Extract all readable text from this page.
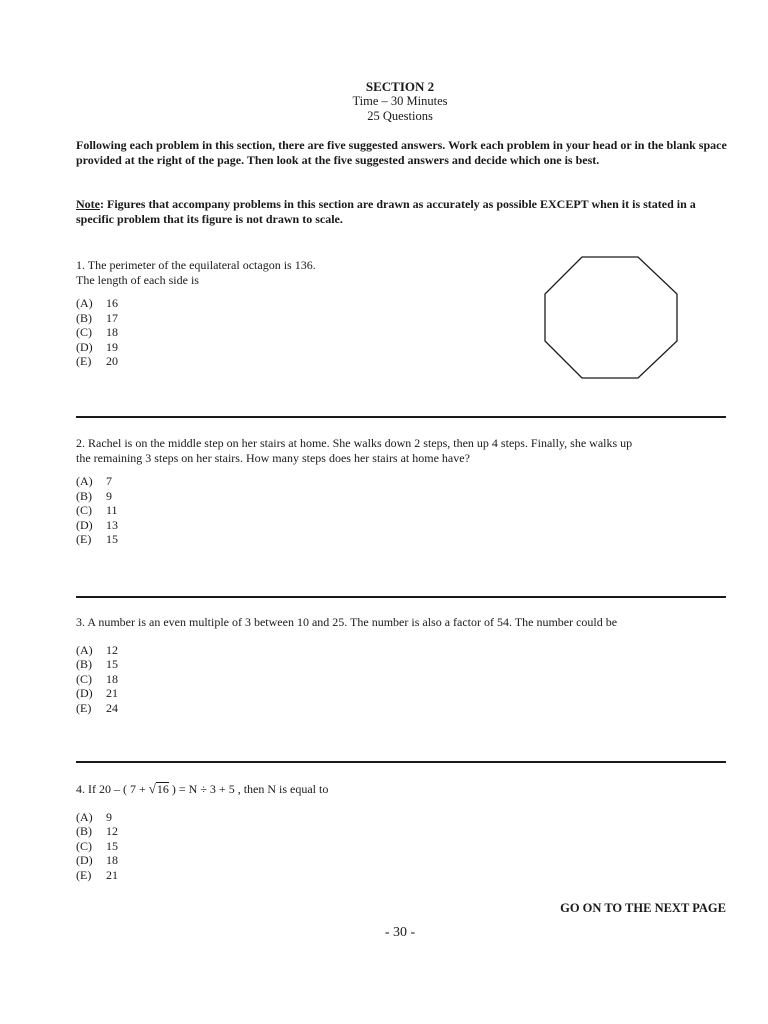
SECTION 2
Time – 30 Minutes
25 Questions
Following each problem in this section, there are five suggested answers. Work each problem in your head or in the blank space provided at the right of the page. Then look at the five suggested answers and decide which one is best.
Note: Figures that accompany problems in this section are drawn as accurately as possible EXCEPT when it is stated in a specific problem that its figure is not drawn to scale.
1. The perimeter of the equilateral octagon is 136.
The length of each side is
(A) 16
(B) 17
(C) 18
(D) 19
(E) 20
2. Rachel is on the middle step on her stairs at home. She walks down 2 steps, then up 4 steps. Finally, she walks up
the remaining 3 steps on her stairs. How many steps does her stairs at home have?
(A) 7
(B) 9
(C) 11
(D) 13
(E) 15
3. A number is an even multiple of 3 between 10 and 25. The number is also a factor of 54. The number could be
(A) 12
(B) 15
(C) 18
(D) 21
(E) 24
4. If 20 – ( 7 + √16 ) = N ÷ 3 + 5 , then N is equal to
(A) 9
(B) 12
(C) 15
(D) 18
(E) 21
GO ON TO THE NEXT PAGE
- 30 -
